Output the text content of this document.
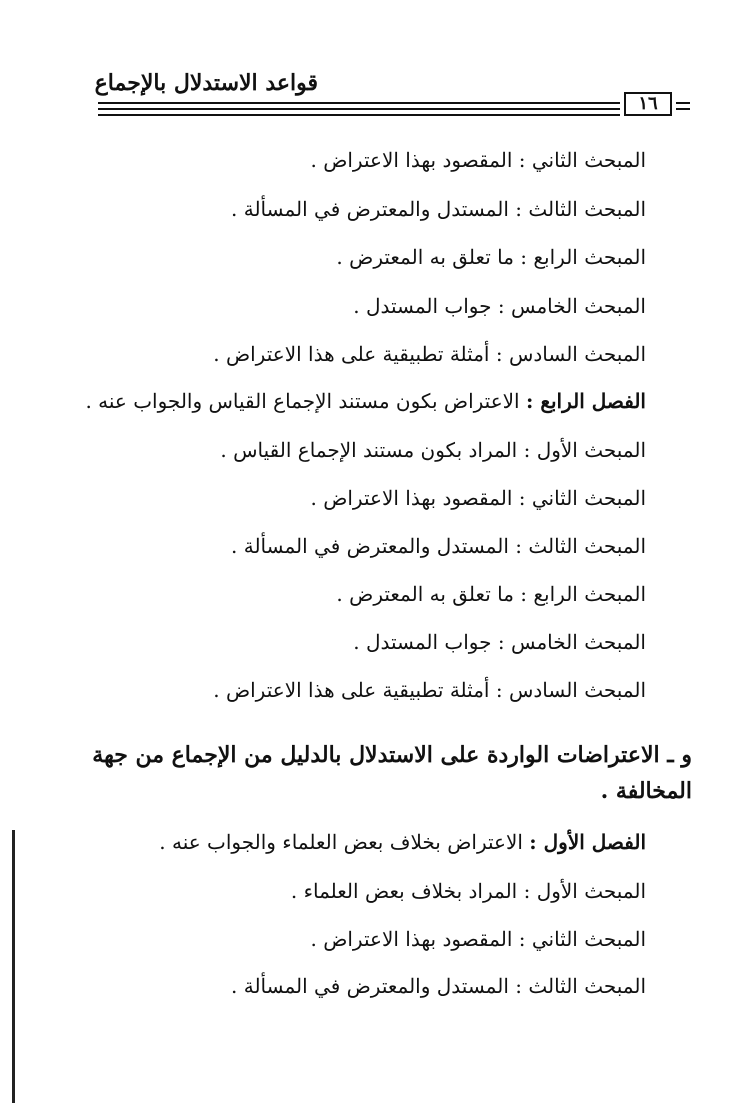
قواعد الاستدلال بالإجماع
١٦
المبحث الثاني : المقصود بهذا الاعتراض .
المبحث الثالث : المستدل والمعترض في المسألة .
المبحث الرابع : ما تعلق به المعترض .
المبحث الخامس : جواب المستدل .
المبحث السادس : أمثلة تطبيقية على هذا الاعتراض .
الفصل الرابع : الاعتراض بكون مستند الإجماع القياس والجواب عنه .
المبحث الأول : المراد بكون مستند الإجماع القياس .
المبحث الثاني : المقصود بهذا الاعتراض .
المبحث الثالث : المستدل والمعترض في المسألة .
المبحث الرابع : ما تعلق به المعترض .
المبحث الخامس : جواب المستدل .
المبحث السادس : أمثلة تطبيقية على هذا الاعتراض .
و ـ الاعتراضات الواردة على الاستدلال بالدليل من الإجماع من جهة
المخالفة .
الفصل الأول : الاعتراض بخلاف بعض العلماء والجواب عنه .
المبحث الأول : المراد بخلاف بعض العلماء .
المبحث الثاني : المقصود بهذا الاعتراض .
المبحث الثالث : المستدل والمعترض في المسألة .
